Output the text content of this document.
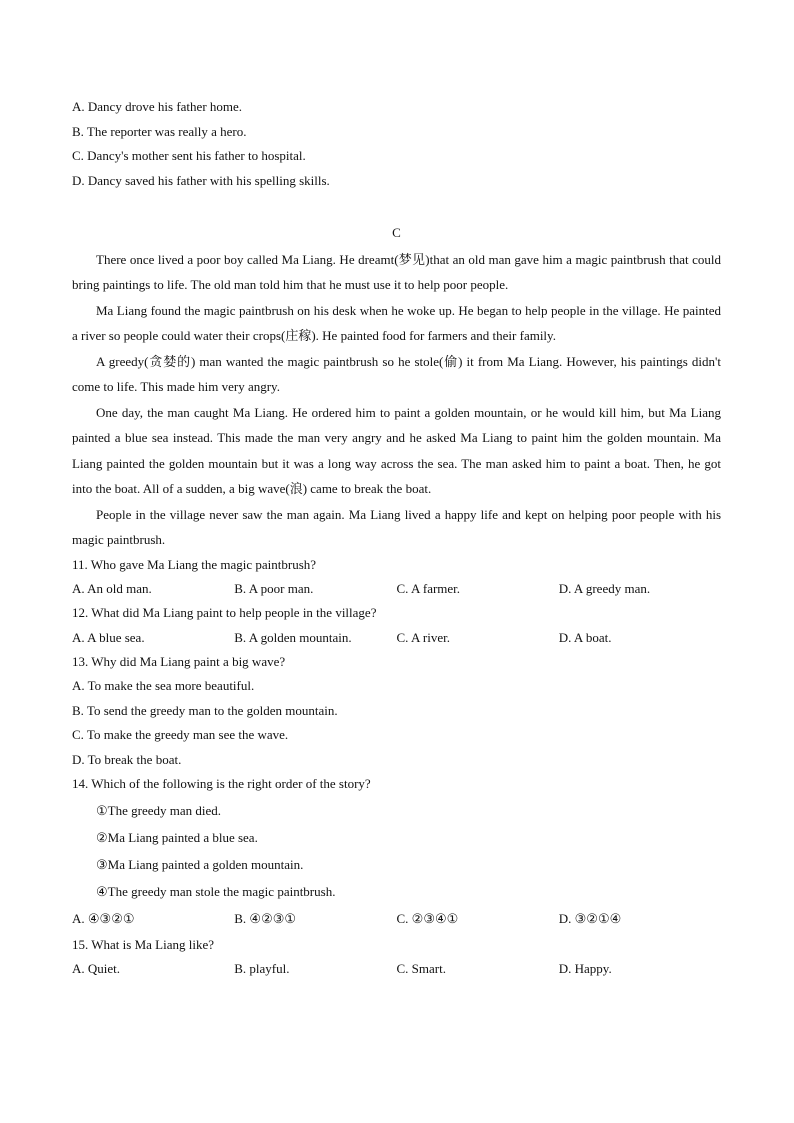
A. Dancy drove his father home.
B. The reporter was really a hero.
C. Dancy's mother sent his father to hospital.
D. Dancy saved his father with his spelling skills.
C

There once lived a poor boy called Ma Liang. He dreamt(梦见)that an old man gave him a magic paintbrush that could bring paintings to life. The old man told him that he must use it to help poor people.

Ma Liang found the magic paintbrush on his desk when he woke up. He began to help people in the village. He painted a river so people could water their crops(庄稼). He painted food for farmers and their family.

A greedy(贪婪的) man wanted the magic paintbrush so he stole(偷) it from Ma Liang. However, his paintings didn't come to life. This made him very angry.

One day, the man caught Ma Liang. He ordered him to paint a golden mountain, or he would kill him, but Ma Liang painted a blue sea instead. This made the man very angry and he asked Ma Liang to paint him the golden mountain. Ma Liang painted the golden mountain but it was a long way across the sea. The man asked him to paint a boat. Then, he got into the boat. All of a sudden, a big wave(浪) came to break the boat.

People in the village never saw the man again. Ma Liang lived a happy life and kept on helping poor people with his magic paintbrush.

11. Who gave Ma Liang the magic paintbrush?
A. An old man.	B. A poor man.	C. A farmer.	D. A greedy man.
12. What did Ma Liang paint to help people in the village?
A. A blue sea.	B. A golden mountain.	C. A river.	D. A boat.
13. Why did Ma Liang paint a big wave?
A. To make the sea more beautiful.
B. To send the greedy man to the golden mountain.
C. To make the greedy man see the wave.
D. To break the boat.
14. Which of the following is the right order of the story?
①The greedy man died.
②Ma Liang painted a blue sea.
③Ma Liang painted a golden mountain.
④The greedy man stole the magic paintbrush.
A. ④③②①	B. ④②③①	C. ②③④①	D. ③②①④
15. What is Ma Liang like?
A. Quiet.	B. playful.	C. Smart.	D. Happy.
